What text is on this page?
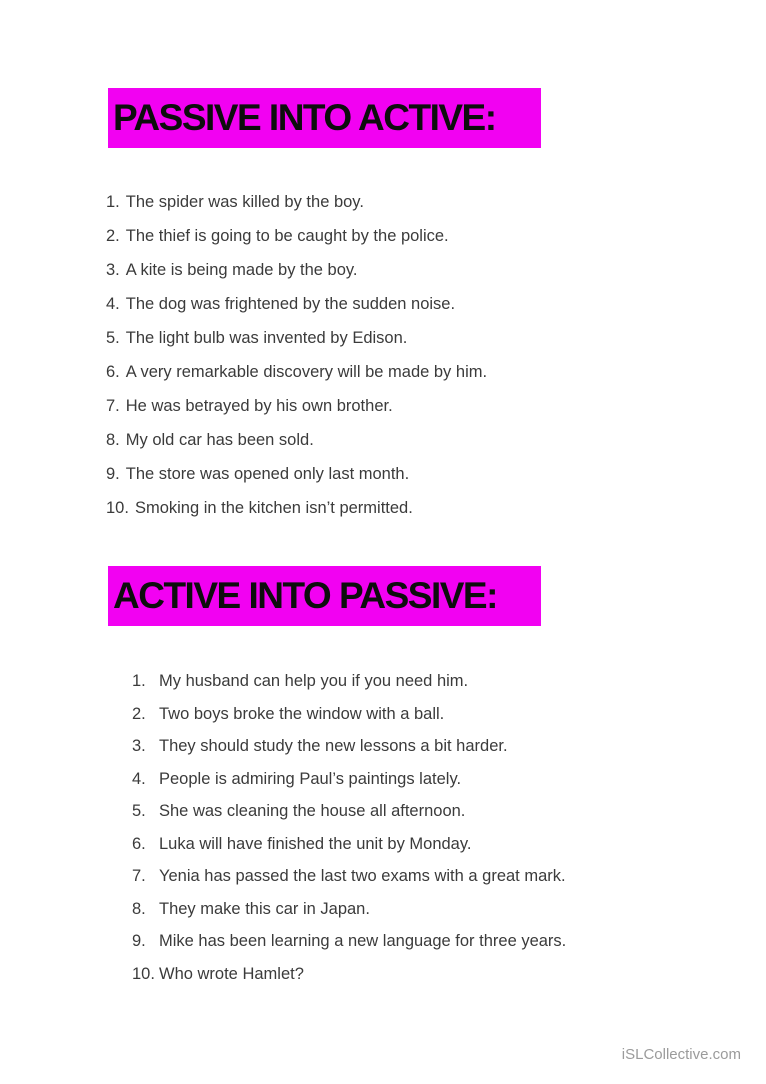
PASSIVE INTO ACTIVE:
1. The spider was killed by the boy.
2. The thief is going to be caught by the police.
3. A kite is being made by the boy.
4. The dog was frightened by the sudden noise.
5. The light bulb was invented by Edison.
6. A very remarkable discovery will be made by him.
7. He was betrayed by his own brother.
8. My old car has been sold.
9. The store was opened only last month.
10. Smoking in the kitchen isn’t permitted.
ACTIVE INTO PASSIVE:
1. My husband can help you if you need him.
2. Two boys broke the window with a ball.
3. They should study the new lessons a bit harder.
4. People is admiring Paul’s paintings lately.
5. She was cleaning the house all afternoon.
6. Luka will have finished the unit by Monday.
7. Yenia has passed the last two exams with a great mark.
8. They make this car in Japan.
9. Mike has been learning a new language for three years.
10. Who wrote Hamlet?
iSLCollective.com
